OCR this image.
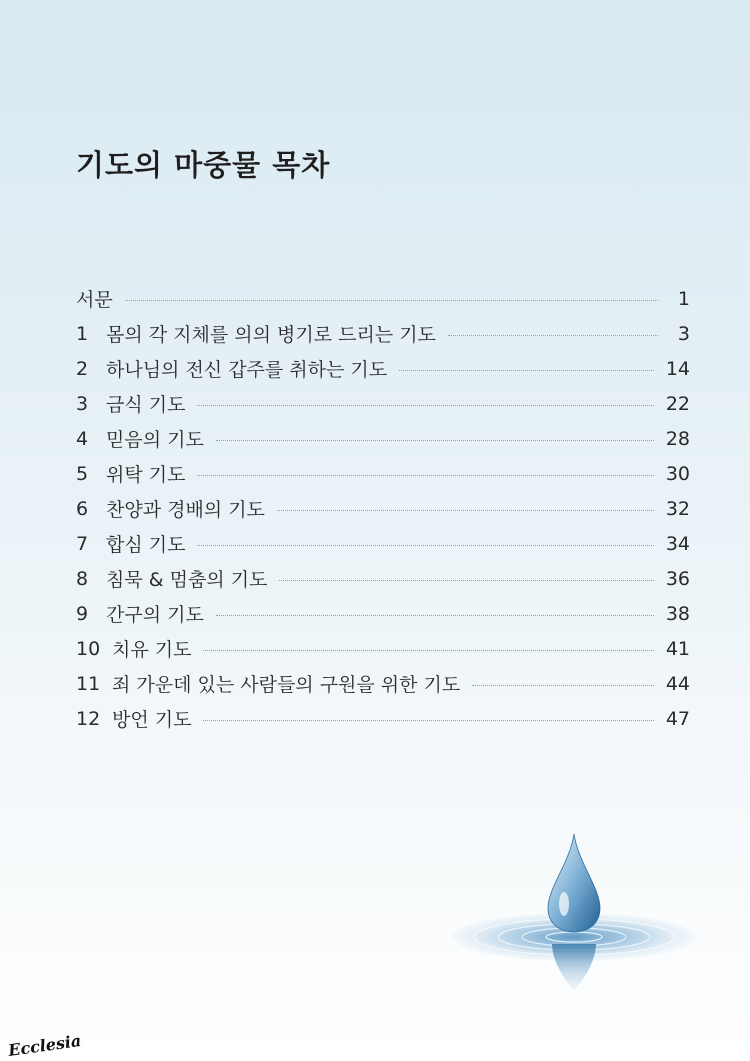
기도의 마중물 목차
서문	1
1 몸의 각 지체를 의의 병기로 드리는 기도	3
2 하나님의 전신 갑주를 취하는 기도	14
3 금식 기도	22
4 믿음의 기도	28
5 위탁 기도	30
6 찬양과 경배의 기도	32
7 합심 기도	34
8 침묵 & 멈춤의 기도	36
9 간구의 기도	38
10 치유 기도	41
11 죄 가운데 있는 사람들의 구원을 위한 기도	44
12 방언 기도	47
Ecclesia
